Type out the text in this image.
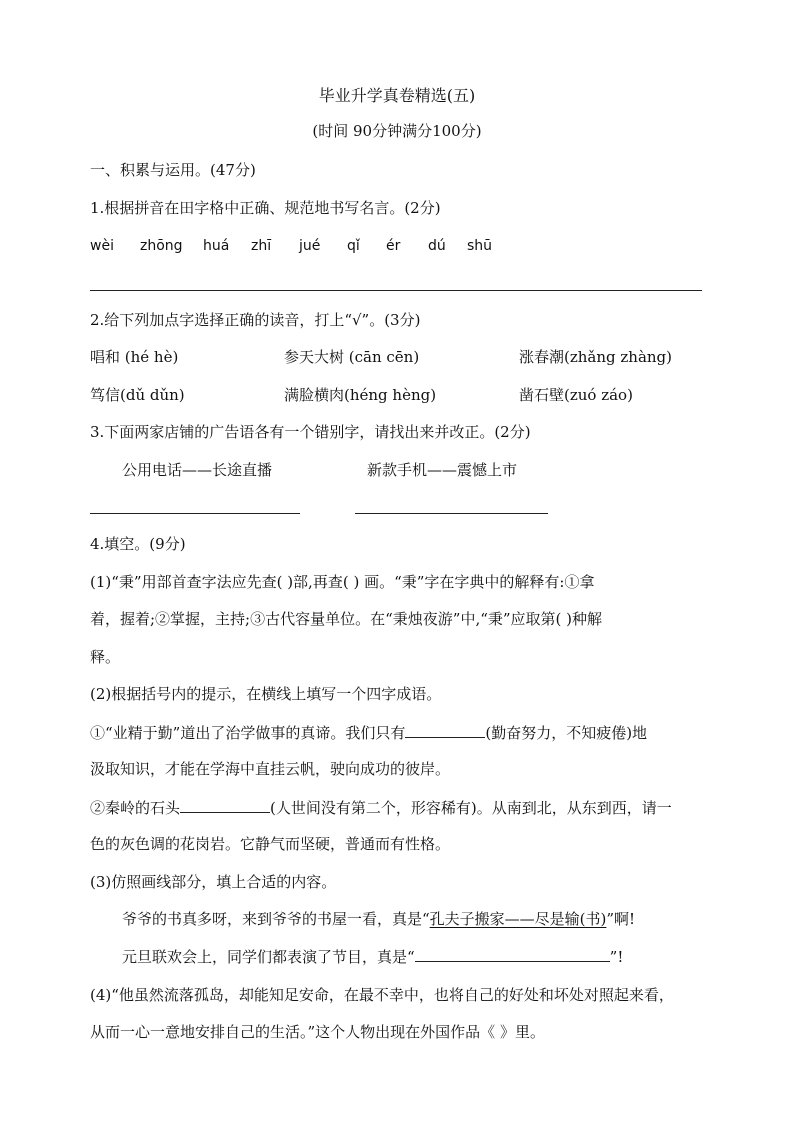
毕业升学真卷精选(五)
(时间 90分钟满分100分)
一、积累与运用。(47分)
1.根据拼音在田字格中正确、规范地书写名言。(2分)
wèi zhōng huá zhī jué qǐ ér dú shū
2.给下列加点字选择正确的读音，打上“√”。(3分)
唱和 (hé hè)	参天大树 (cān cēn)	涨春潮(zhǎng zhàng)
笃信(dǔ dǔn)	满脸横肉(héng hèng)	凿石壁(zuó záo)
3.下面两家店铺的广告语各有一个错别字，请找出来并改正。(2分)
公用电话——长途直播	新款手机——震憾上市
4.填空。(9分)
(1)“秉”用部首查字法应先查( )部,再查( ) 画。“秉”字在字典中的解释有:①拿
着，握着;②掌握，主持;③古代容量单位。在“秉烛夜游”中,“秉”应取第( )种解
释。
(2)根据括号内的提示，在横线上填写一个四字成语。
①“业精于勤”道出了治学做事的真谛。我们只有	(勤奋努力，不知疲倦)地
汲取知识，才能在学海中直挂云帆，驶向成功的彼岸。
②秦岭的石头	(人世间没有第二个，形容稀有)。从南到北，从东到西，请一
色的灰色调的花岗岩。它静气而坚硬，普通而有性格。
(3)仿照画线部分，填上合适的内容。
爷爷的书真多呀，来到爷爷的书屋一看，真是“孔夫子搬家——尽是输(书)”啊!
元旦联欢会上，同学们都表演了节目，真是“	”!
(4)“他虽然流落孤岛，却能知足安命，在最不幸中，也将自己的好处和坏处对照起来看，
从而一心一意地安排自己的生活。”这个人物出现在外国作品《 》里。
